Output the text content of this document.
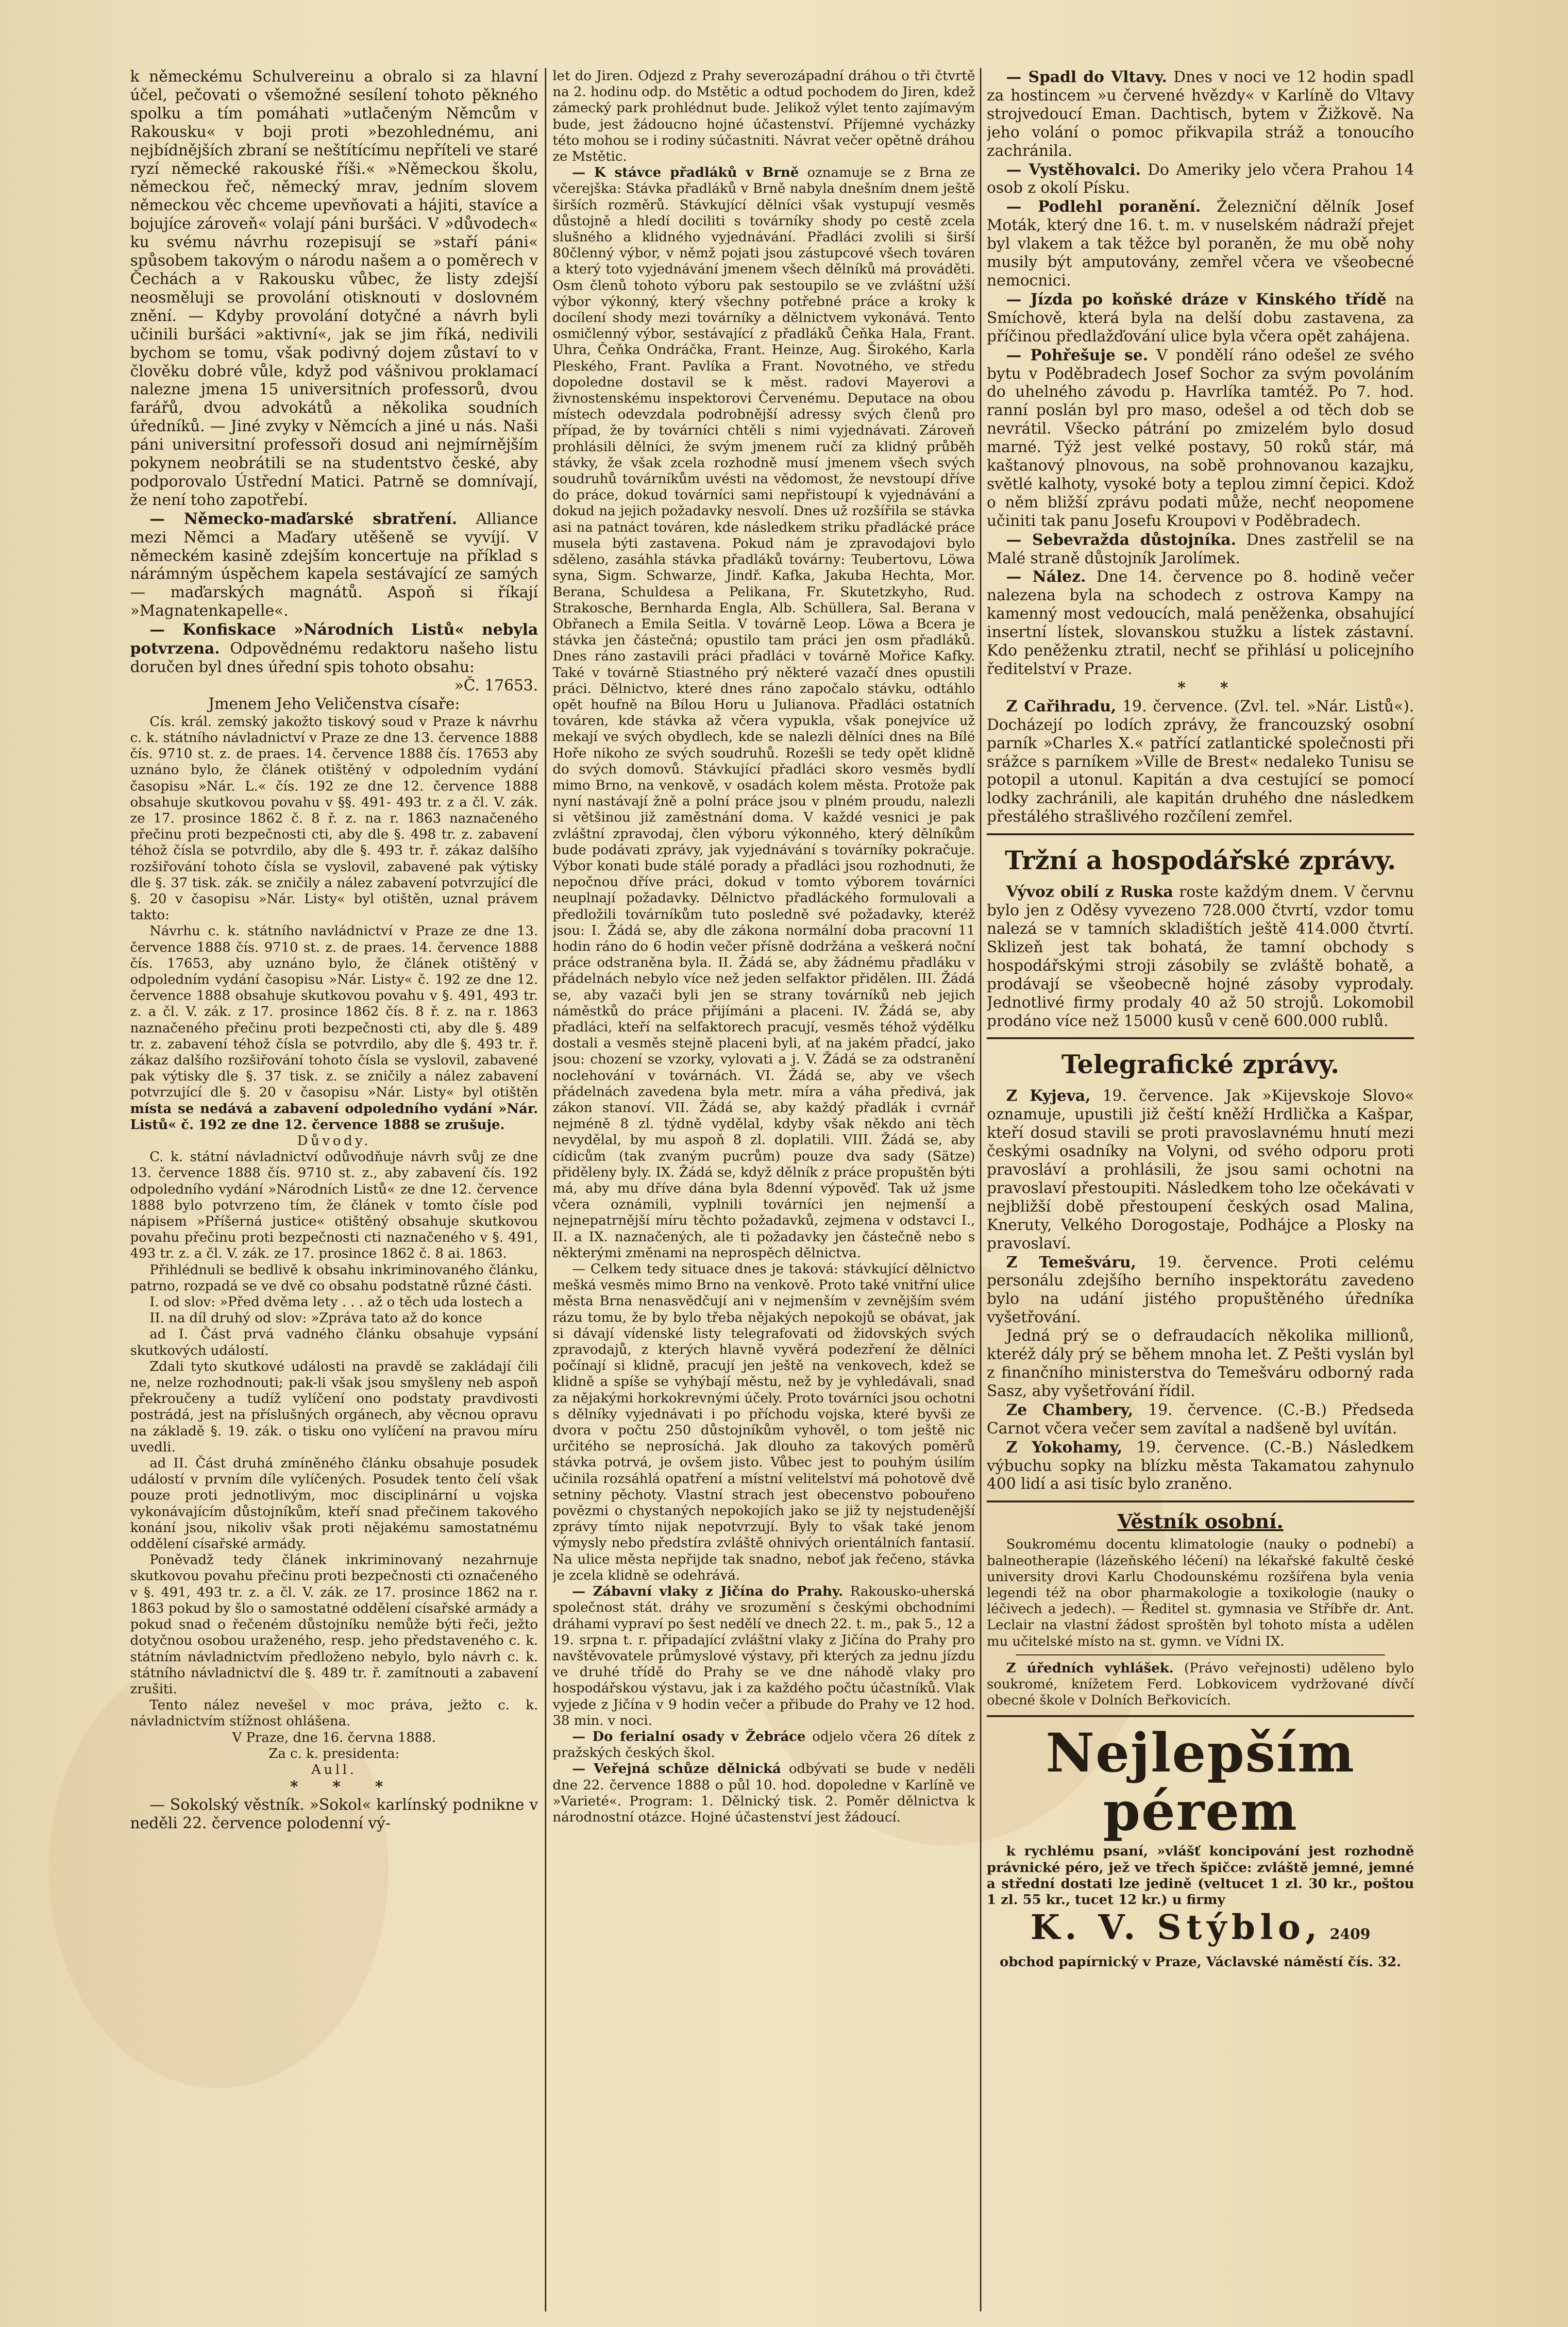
k německému Schulvereinu a obralo si za hlavní účel, pečovati o všemožné sesílení tohoto pěkného spolku a tím pomáhati »utlačeným Němcům v Rakousku« v boji proti »bezohlednému, ani nejbídnějších zbraní se neštítícímu nepříteli ve staré ryzí německé rakouské říši.« »Německou školu, německou řeč, německý mrav, jedním slovem německou věc chceme upevňovati a hájiti, stavíce a bojujíce zároveň« volají páni buršáci. V »důvodech« ku svému návrhu rozepisují se »staří páni« spůsobem takovým o národu našem a o poměrech v Čechách a v Rakousku vůbec, že listy zdejší neosměluji se provolání otisknouti v doslovném znění. — Kdyby provolání dotyčné a návrh byli učinili buršáci »aktivní«, jak se jim říká, nedivili bychom se tomu, však podivný dojem zůstaví to v člověku dobré vůle, když pod vášnivou proklamací nalezne jmena 15 universitních professorů, dvou farářů, dvou advokátů a několika soudních úředníků. — Jiné zvyky v Němcích a jiné u nás. Naši páni universitní professoři dosud ani nejmírnějším pokynem neobrátili se na studentstvo české, aby podporovalo Ústřední Matici. Patrně se domnívají, že není toho zapotřebí.

— Německo-maďarské sbratření. Alliance mezi Němci a Maďary utěšeně se vyvíjí. V německém kasině zdejším koncertuje na příklad s nárámným úspěchem kapela sestávající ze samých — maďarských magnátů. Aspoň si říkají »Magnatenkapelle«.

— Konfiskace »Národních Listů« nebyla potvrzena. Odpovědnému redaktoru našeho listu doručen byl dnes úřední spis tohoto obsahu:

»Č. 17653.

Jmenem Jeho Veličenstva císaře:

Cís. král. zemský jakožto tiskový soud v Praze k návrhu c. k. státního návladnictví v Praze ze dne 13. července 1888 čís. 9710 st. z. de praes. 14. července 1888 čís. 17653 aby uznáno bylo, že článek otištěný v odpoledním vydání časopisu »Nár. L.« čís. 192 ze dne 12. července 1888 obsahuje skutkovou povahu v §§. 491- 493 tr. z a čl. V. zák. ze 17. prosince 1862 č. 8 ř. z. na r. 1863 naznačeného přečinu proti bezpečnosti cti, aby dle §. 498 tr. z. zabavení téhož čísla se potvrdilo, aby dle §. 493 tr. ř. zákaz dalšího rozšiřování tohoto čísla se vyslovil, zabavené pak výtisky dle §. 37 tisk. zák. se zničily a nález zabavení potvrzující dle §. 20 v časopisu »Nár. Listy« byl otištěn, uznal právem takto:

Návrhu c. k. státního navládnictví v Praze ze dne 13. července 1888 čís. 9710 st. z. de praes. 14. července 1888 čís. 17653, aby uznáno bylo, že článek otištěný v odpoledním vydání časopisu »Nár. Listy« č. 192 ze dne 12. července 1888 obsahuje skutkovou povahu v §. 491, 493 tr. z. a čl. V. zák. z 17. prosince 1862 čís. 8 ř. z. na r. 1863 naznačeného přečinu proti bezpečnosti cti, aby dle §. 489 tr. z. zabavení téhož čísla se potvrdilo, aby dle §. 493 tr. ř. zákaz dalšího rozšiřování tohoto čísla se vyslovil, zabavené pak výtisky dle §. 37 tisk. z. se zničily a nález zabavení potvrzující dle §. 20 v časopisu »Nár. Listy« byl otištěn místa se nedává a zabavení odpoledního vydání »Nár. Listů« č. 192 ze dne 12. července 1888 se zrušuje.

Důvody.

C. k. státní návladnictví odůvodňuje návrh svůj ze dne 13. července 1888 čís. 9710 st. z., aby zabavení čís. 192 odpoledního vydání »Národních Listů« ze dne 12. července 1888 bylo potvrzeno tím, že článek v tomto čísle pod nápisem »Příšerná justice« otištěný obsahuje skutkovou povahu přečinu proti bezpečnosti cti naznačeného v §. 491, 493 tr. z. a čl. V. zák. ze 17. prosince 1862 č. 8 ai. 1863.

Přihlédnuli se bedlivě k obsahu inkriminovaného článku, patrno, rozpadá se ve dvě co obsahu podstatně různé části.

I. od slov: »Před dvěma lety . . . až o těch uda lostech a

II. na díl druhý od slov: »Zpráva tato až do konce

ad I. Část prvá vadného článku obsahuje vypsání skutkových událostí.

Zdali tyto skutkové události na pravdě se zakládají čili ne, nelze rozhodnouti; pak-li však jsou smyšleny neb aspoň překroučeny a tudíž vylíčení ono podstaty pravdivosti postrádá, jest na příslušných orgánech, aby věcnou opravu na základě §. 19. zák. o tisku ono vylíčení na pravou míru uvedli.

ad II. Část druhá zmíněného článku obsahuje posudek událostí v prvním díle vylíčených. Posudek tento čelí však pouze proti jednotlivým, moc disciplinární u vojska vykonávajícím důstojníkům, kteří snad přečinem takového konání jsou, nikoliv však proti nějakému samostatnému oddělení císařské armády.

Poněvadž tedy článek inkriminovaný nezahrnuje skutkovou povahu přečinu proti bezpečnosti cti označeného v §. 491, 493 tr. z. a čl. V. zák. ze 17. prosince 1862 na r. 1863 pokud by šlo o samostatné oddělení císařské armády a pokud snad o řečeném důstojníku nemůže býti řeči, ježto dotyčnou osobou uraženého, resp. jeho představeného c. k. státním návladnictvím předloženo nebylo, bylo návrh c. k. státního návladnictví dle §. 489 tr. ř. zamítnouti a zabavení zrušiti.

Tento nález nevešel v moc práva, ježto c. k. návladnictvím stížnost ohlášena.

V Praze, dne 16. června 1888.

Za c. k. presidenta:

Aull.

* * *

— Sokolský věstník. »Sokol« karlínský podnikne v neděli 22. července polodenní vý-

let do Jiren. Odjezd z Prahy severozápadní dráhou o tři čtvrtě na 2. hodinu odp. do Mstětic a odtud pochodem do Jiren, kdež zámecký park prohlédnut bude. Jelikož výlet tento zajímavým bude, jest žádoucno hojné účastenství. Příjemné vycházky této mohou se i rodiny súčastniti. Návrat večer opětně dráhou ze Mstětic.

— K stávce přadláků v Brně oznamuje se z Brna ze včerejška: Stávka přadláků v Brně nabyla dnešním dnem ještě širších rozměrů. Stávkující dělníci však vystupují vesměs důstojně a hledí dociliti s továrníky shody po cestě zcela slušného a klidného vyjednávání. Přadláci zvolili si širší 80členný výbor, v němž pojati jsou zástupcové všech továren a který toto vyjednávání jmenem všech dělníků má prováděti. Osm členů tohoto výboru pak sestoupilo se ve zvláštní užší výbor výkonný, který všechny potřebné práce a kroky k docílení shody mezi továrníky a dělnictvem vykonává. Tento osmičlenný výbor, sestávající z přadláků Čeňka Hala, Frant. Uhra, Čeňka Ondráčka, Frant. Heinze, Aug. Širokého, Karla Pleského, Frant. Pavlíka a Frant. Novotného, ve středu dopoledne dostavil se k měst. radovi Mayerovi a živnostenskému inspektorovi Červenému. Deputace na obou místech odevzdala podrobnější adressy svých členů pro případ, že by továrníci chtěli s nimi vyjednávati. Zároveň prohlásili dělníci, že svým jmenem ručí za klidný průběh stávky, že však zcela rozhodně musí jmenem všech svých soudruhů továrníkům uvésti na vědomost, že nevstoupí dříve do práce, dokud továrníci sami nepřistoupí k vyjednávání a dokud na jejich požadavky nesvolí. Dnes už rozšířila se stávka asi na patnáct továren, kde následkem striku přadlácké práce musela býti zastavena. Pokud nám je zpravodajovi bylo sděleno, zasáhla stávka přadláků továrny: Teubertovu, Löwa syna, Sigm. Schwarze, Jindř. Kafka, Jakuba Hechta, Mor. Berana, Schuldesa a Pelikana, Fr. Skutetzkyho, Rud. Strakosche, Bernharda Engla, Alb. Schüllera, Sal. Berana v Obřanech a Emila Seitla. V továrně Leop. Löwa a Bcera je stávka jen částečná; opustilo tam práci jen osm přadláků. Dnes ráno zastavili práci přadláci v továrně Mořice Kafky. Také v továrně Stiastného prý některé vazačí dnes opustili práci. Dělnictvo, které dnes ráno započalo stávku, odtáhlo opět houfně na Bílou Horu u Julianova. Přadláci ostatních továren, kde stávka až včera vypukla, však ponejvíce už mekají ve svých obydlech, kde se nalezli dělníci dnes na Bílé Hoře nikoho ze svých soudruhů. Rozešli se tedy opět klidně do svých domovů. Stávkující přadláci skoro vesměs bydlí mimo Brno, na venkově, v osadách kolem města. Protože pak nyní nastávají žně a polní práce jsou v plném proudu, nalezli si většinou již zaměstnání doma. V každé vesnici je pak zvláštní zpravodaj, člen výboru výkonného, který dělníkům bude podávati zprávy, jak vyjednávání s továrníky pokračuje. Výbor konati bude stálé porady a přadláci jsou rozhodnuti, že nepočnou dříve práci, dokud v tomto výborem továrníci neuplnají požadavky. Dělnictvo přadláckého formulovali a předložili továrníkům tuto posledně své požadavky, kteréž jsou: I. Žádá se, aby dle zákona normální doba pracovní 11 hodin ráno do 6 hodin večer přísně dodržána a veškerá noční práce odstraněna byla. II. Žádá se, aby žádnému přadláku v přádelnách nebylo více než jeden selfaktor přidělen. III. Žádá se, aby vazači byli jen se strany továrníků neb jejich náměstků do práce přijímáni a placeni. IV. Žádá se, aby přadláci, kteří na selfaktorech pracují, vesměs téhož výdělku dostali a vesměs stejně placeni byli, ať na jakém přadcí, jako jsou: chození se vzorky, vylovati a j. V. Žádá se za odstranění noclehování v továrnách. VI. Žádá se, aby ve všech přádelnách zavedena byla metr. míra a váha předivá, jak zákon stanoví. VII. Žádá se, aby každý přadlák i cvrnář nejméně 8 zl. týdně vydělal, kdyby však někdo ani těch nevydělal, by mu aspoň 8 zl. doplatili. VIII. Žádá se, aby cídicům (tak zvaným pucrům) pouze dva sady (Sätze) přiděleny byly. IX. Žádá se, když dělník z práce propuštěn býti má, aby mu dříve dána byla 8denní výpověď. Tak už jsme včera oznámili, vyplnili továrníci jen nejmenší a nejnepatrnější míru těchto požadavků, zejmena v odstavci I., II. a IX. naznačených, ale ti požadavky jen částečně nebo s některými změnami na neprospěch dělnictva.

— Celkem tedy situace dnes je taková: stávkující dělnictvo mešká vesměs mimo Brno na venkově. Proto také vnitřní ulice města Brna nenasvědčují ani v nejmenším v zevnějším svém rázu tomu, že by bylo třeba nějakých nepokojů se obávat, jak si dávají vídenské listy telegrafovati od židovských svých zpravodajů, z kterých hlavně vyvěrá podezření že dělníci počínají si klidně, pracují jen ještě na venkovech, kdež se klidně a spíše se vyhýbají městu, než by je vyhledávali, snad za nějakými horkokrevnými účely. Proto továrníci jsou ochotni s dělníky vyjednávati i po příchodu vojska, které byvši ze dvora v počtu 250 důstojníkům vyhověl, o tom ještě nic určitého se neprosíchá. Jak dlouho za takových poměrů stávka potrvá, je ovšem jisto. Vůbec jest to pouhým úsilím učinila rozsáhlá opatření a místní velitelství má pohotově dvě setniny pěchoty. Vlastní strach jest obecenstvo pobouřeno povězmi o chystaných nepokojích jako se již ty nejstudenější zprávy tímto nijak nepotvrzují. Byly to však také jenom výmysly nebo předstíra zvláště ohnivých orientálních fantasií. Na ulice města nepřijde tak snadno, neboť jak řečeno, stávka je zcela klidně se odehrává.

— Zábavní vlaky z Jičína do Prahy. Rakousko-uherská společnost stát. dráhy ve srozumění s českými obchodními dráhami vypraví po šest nedělí ve dnech 22. t. m., pak 5., 12 a 19. srpna t. r. připadající zvláštní vlaky z Jičína do Prahy pro navštěvovatele průmyslové výstavy, při kterých za jednu jízdu ve druhé třídě do Prahy se ve dne náhodě vlaky pro hospodářskou výstavu, jak i za každého počtu účastníků. Vlak vyjede z Jičína v 9 hodin večer a přibude do Prahy ve 12 hod. 38 min. v noci.

— Do ferialní osady v Žebráce odjelo včera 26 dítek z pražských českých škol.

— Veřejná schůze dělnická odbývati se bude v neděli dne 22. července 1888 o půl 10. hod. dopoledne v Karlíně ve »Varieté«. Program: 1. Dělnický tisk. 2. Poměr dělnictva k národnostní otázce. Hojné účastenství jest žádoucí.

— Spadl do Vltavy. Dnes v noci ve 12 hodin spadl za hostincem »u červené hvězdy« v Karlíně do Vltavy strojvedoucí Eman. Dachtisch, bytem v Žižkově. Na jeho volání o pomoc přikvapila stráž a tonoucího zachránila.

— Vystěhovalci. Do Ameriky jelo včera Prahou 14 osob z okolí Písku.

— Podlehl poranění. Železniční dělník Josef Moták, který dne 16. t. m. v nuselském nádraží přejet byl vlakem a tak těžce byl poraněn, že mu obě nohy musily být amputovány, zemřel včera ve všeobecné nemocnici.

— Jízda po koňské dráze v Kinského třídě na Smíchově, která byla na delší dobu zastavena, za příčinou předlažďování ulice byla včera opět zahájena.

— Pohřešuje se. V pondělí ráno odešel ze svého bytu v Poděbradech Josef Sochor za svým povoláním do uhelného závodu p. Havrlíka tamtéž. Po 7. hod. ranní poslán byl pro maso, odešel a od těch dob se nevrátil. Všecko pátrání po zmizelém bylo dosud marné. Týž jest velké postavy, 50 roků stár, má kaštanový plnovous, na sobě prohnovanou kazajku, světlé kalhoty, vysoké boty a teplou zimní čepici. Kdož o něm bližší zprávu podati může, nechť neopomene učiniti tak panu Josefu Kroupovi v Poděbradech.

— Sebevražda důstojníka. Dnes zastřelil se na Malé straně důstojník Jarolímek.

— Nález. Dne 14. července po 8. hodině večer nalezena byla na schodech z ostrova Kampy na kamenný most vedoucích, malá peněženka, obsahující insertní lístek, slovanskou stužku a lístek zástavní. Kdo peněženku ztratil, nechť se přihlásí u policejního ředitelství v Praze.

* *

Z Cařihradu, 19. července. (Zvl. tel. »Nár. Listů«). Docházejí po lodích zprávy, že francouzský osobní parník »Charles X.« patřící zatlantické společnosti při srážce s parníkem »Ville de Brest« nedaleko Tunisu se potopil a utonul. Kapitán a dva cestující se pomocí lodky zachránili, ale kapitán druhého dne následkem přestálého strašlivého rozčílení zemřel.

Tržní a hospodářské zprávy.

Vývoz obilí z Ruska roste každým dnem. V červnu bylo jen z Oděsy vyvezeno 728.000 čtvrtí, vzdor tomu nalezá se v tamních skladištích ještě 414.000 čtvrtí. Sklizeň jest tak bohatá, že tamní obchody s hospodářskými stroji zásobily se zvláště bohatě, a prodávají se všeobecně hojné zásoby vyprodaly. Jednotlivé firmy prodaly 40 až 50 strojů. Lokomobil prodáno více než 15000 kusů v ceně 600.000 rublů.

Telegrafické zprávy.

Z Kyjeva, 19. července. Jak »Kijevskoje Slovo« oznamuje, upustili již čeští kněží Hrdlička a Kašpar, kteří dosud stavili se proti pravoslavnému hnutí mezi českými osadníky na Volyni, od svého odporu proti pravosláví a prohlásili, že jsou sami ochotni na pravoslaví přestoupiti. Následkem toho lze očekávati v nejbližší době přestoupení českých osad Malina, Kneruty, Velkého Dorogostaje, Podhájce a Plosky na pravoslaví.

Z Temešváru, 19. července. Proti celému personálu zdejšího berního inspektorátu zavedeno bylo na udání jistého propuštěného úředníka vyšetřování.

Jedná prý se o defraudacích několika millionů, kteréž dály prý se během mnoha let. Z Pešti vyslán byl z finančního ministerstva do Temešváru odborný rada Sasz, aby vyšetřování řídil.

Ze Chambery, 19. července. (C.-B.) Předseda Carnot včera večer sem zavítal a nadšeně byl uvítán.

Z Yokohamy, 19. července. (C.-B.) Následkem výbuchu sopky na blízku města Takamatou zahynulo 400 lidí a asi tisíc bylo zraněno.

Věstník osobní.

Soukromému docentu klimatologie (nauky o podnebí) a balneotherapie (lázeňského léčení) na lékařské fakultě české university drovi Karlu Chodounskému rozšířena byla venia legendi též na obor pharmakologie a toxikologie (nauky o léčivech a jedech). — Ředitel st. gymnasia ve Stříbře dr. Ant. Leclair na vlastní žádost sproštěn byl tohoto místa a udělen mu učitelské místo na st. gymn. ve Vídni IX.

Z úředních vyhlášek. (Právo veřejnosti) uděleno bylo soukromé, knížetem Ferd. Lobkovicem vydržované dívčí obecné škole v Dolních Beřkovicích.

Nejlepším pérem

k rychlému psaní, »vlášť koncipování jest rozhodně právnické péro, jež ve třech špičce: zvláště jemné, jemné a střední dostati lze jedině (veltucet 1 zl. 30 kr., poštou 1 zl. 55 kr., tucet 12 kr.) u firmy

K. V. Stýblo, 2409

obchod papírnický v Praze, Václavské náměstí čís. 32.
